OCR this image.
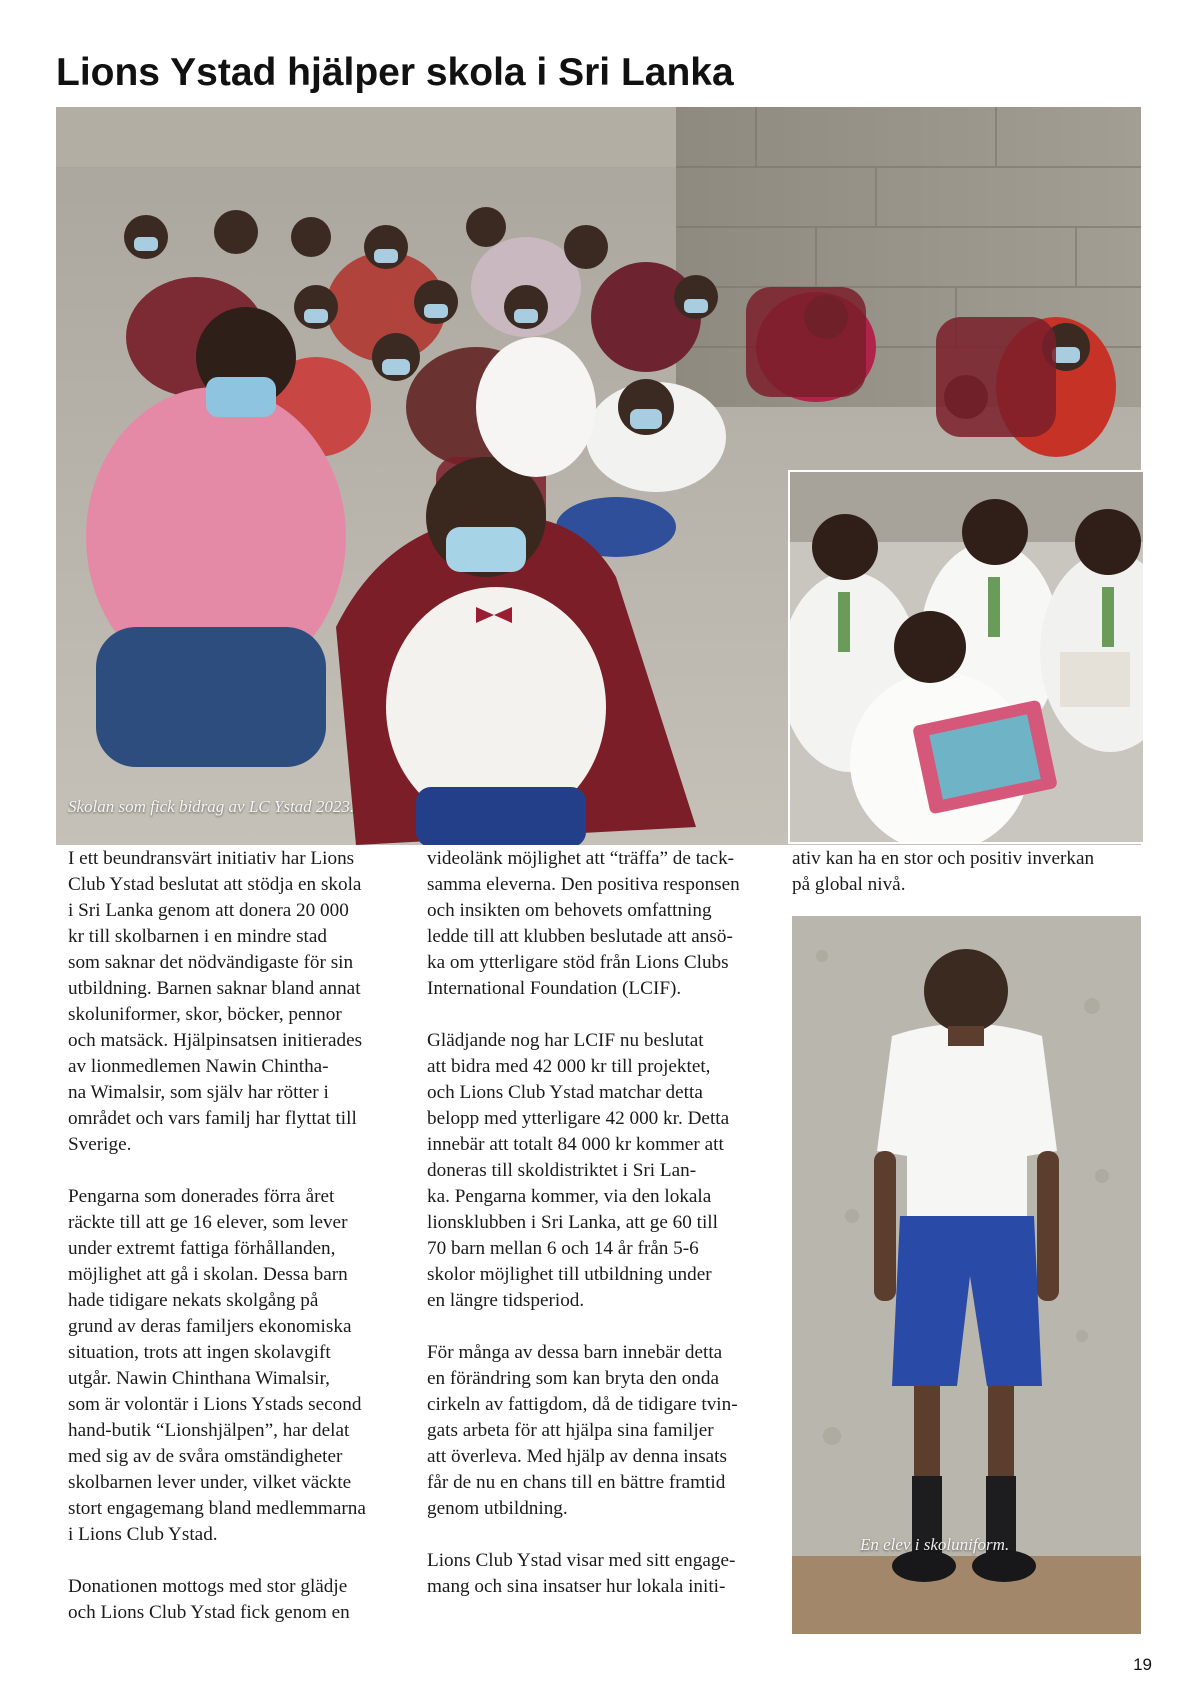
Lions Ystad hjälper skola i Sri Lanka
Skolan som fick bidrag av LC Ystad 2023.
En elev i skoluniform.

I ett beundransvärt initiativ har Lions
Club Ystad beslutat att stödja en skola
i Sri Lanka genom att donera 20 000
kr till skolbarnen i en mindre stad
som saknar det nödvändigaste för sin
utbildning. Barnen saknar bland annat
skoluniformer, skor, böcker, pennor
och matsäck. Hjälpinsatsen initierades
av lionmedlemen Nawin Chintha-
na Wimalsir, som själv har rötter i
området och vars familj har flyttat till
Sverige.

Pengarna som donerades förra året
räckte till att ge 16 elever, som lever
under extremt fattiga förhållanden,
möjlighet att gå i skolan. Dessa barn
hade tidigare nekats skolgång på
grund av deras familjers ekonomiska
situation, trots att ingen skolavgift
utgår. Nawin Chinthana Wimalsir,
som är volontär i Lions Ystads second
hand-butik “Lionshjälpen”, har delat
med sig av de svåra omständigheter
skolbarnen lever under, vilket väckte
stort engagemang bland medlemmarna
i Lions Club Ystad.

Donationen mottogs med stor glädje
och Lions Club Ystad fick genom en

videolänk möjlighet att “träffa” de tack-
samma eleverna. Den positiva responsen
och insikten om behovets omfattning
ledde till att klubben beslutade att ansö-
ka om ytterligare stöd från Lions Clubs
International Foundation (LCIF).

Glädjande nog har LCIF nu beslutat
att bidra med 42 000 kr till projektet,
och Lions Club Ystad matchar detta
belopp med ytterligare 42 000 kr. Detta
innebär att totalt 84 000 kr kommer att
doneras till skoldistriktet i Sri Lan-
ka. Pengarna kommer, via den lokala
lionsklubben i Sri Lanka, att ge 60 till
70 barn mellan 6 och 14 år från 5-6
skolor möjlighet till utbildning under
en längre tidsperiod.

För många av dessa barn innebär detta
en förändring som kan bryta den onda
cirkeln av fattigdom, då de tidigare tvin-
gats arbeta för att hjälpa sina familjer
att överleva. Med hjälp av denna insats
får de nu en chans till en bättre framtid
genom utbildning.

Lions Club Ystad visar med sitt engage-
mang och sina insatser hur lokala initi-

ativ kan ha en stor och positiv inverkan
på global nivå.

19
